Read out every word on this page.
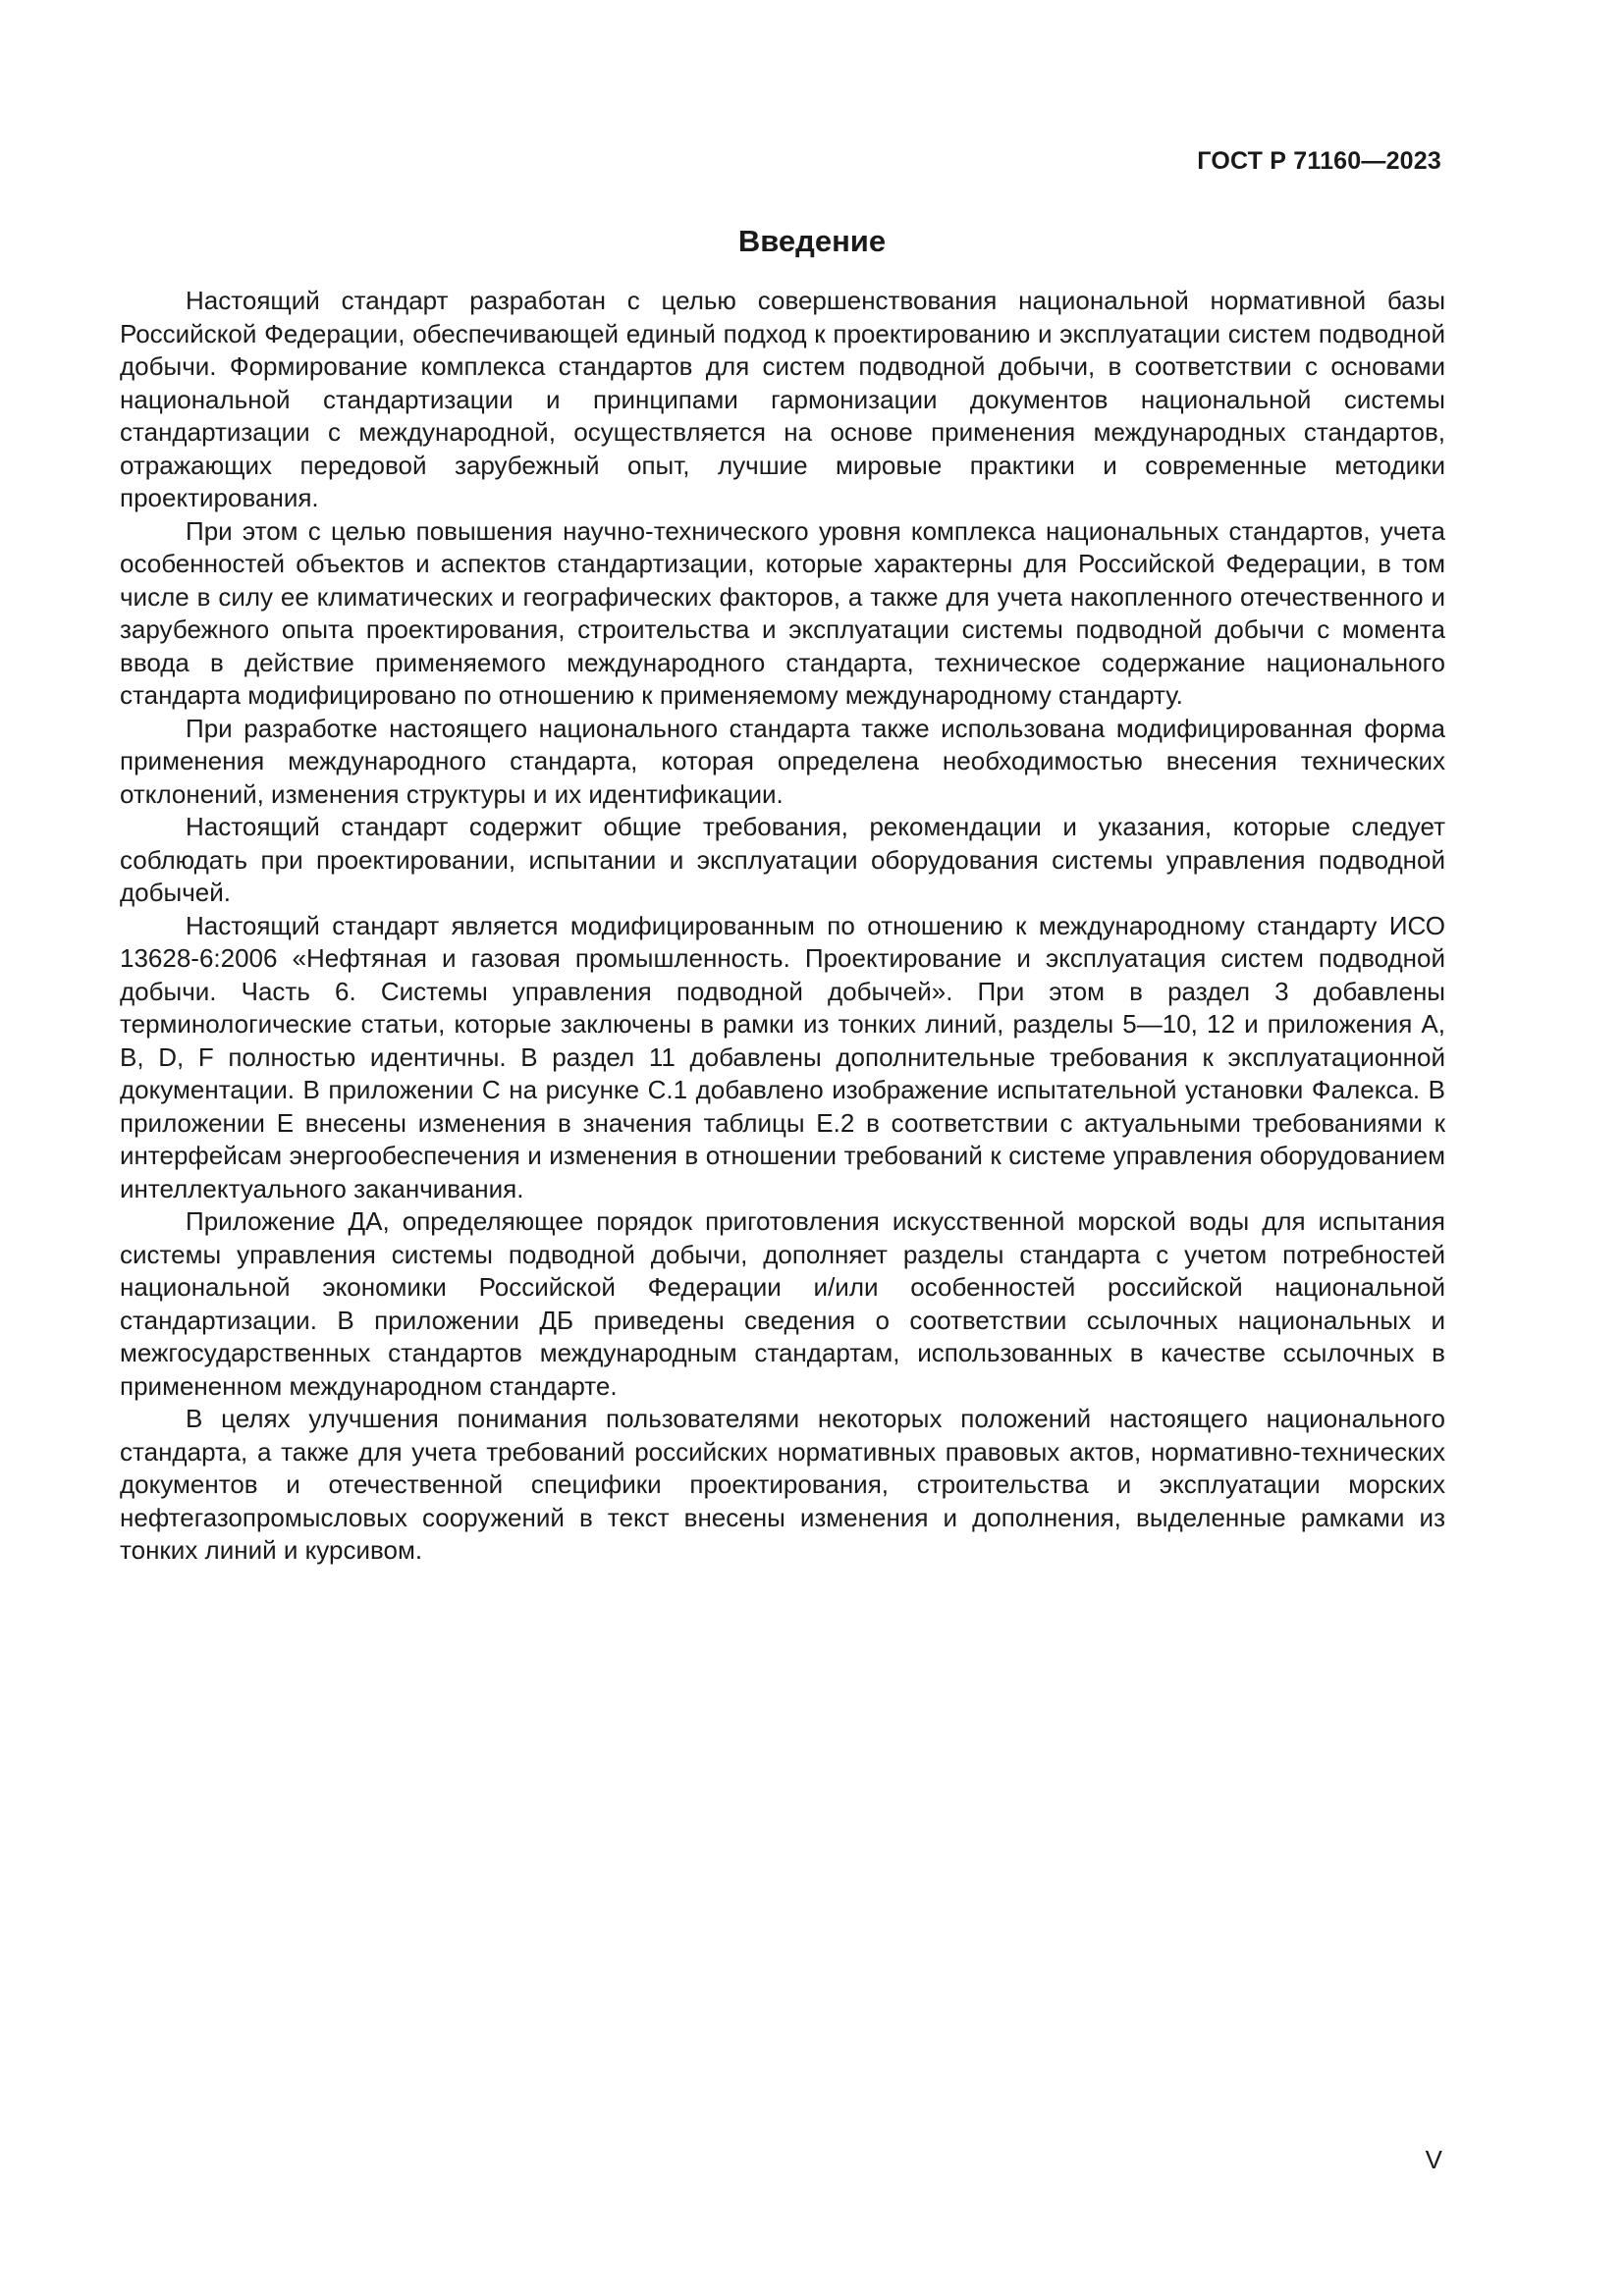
ГОСТ Р 71160—2023
Введение

Настоящий стандарт разработан с целью совершенствования национальной нормативной базы Российской Федерации, обеспечивающей единый подход к проектированию и эксплуатации систем подводной добычи. Формирование комплекса стандартов для систем подводной добычи, в соответствии с основами национальной стандартизации и принципами гармонизации документов национальной системы стандартизации с международной, осуществляется на основе применения международных стандартов, отражающих передовой зарубежный опыт, лучшие мировые практики и современные методики проектирования.

При этом с целью повышения научно-технического уровня комплекса национальных стандартов, учета особенностей объектов и аспектов стандартизации, которые характерны для Российской Федерации, в том числе в силу ее климатических и географических факторов, а также для учета накопленного отечественного и зарубежного опыта проектирования, строительства и эксплуатации системы подводной добычи с момента ввода в действие применяемого международного стандарта, техническое содержание национального стандарта модифицировано по отношению к применяемому международному стандарту.

При разработке настоящего национального стандарта также использована модифицированная форма применения международного стандарта, которая определена необходимостью внесения технических отклонений, изменения структуры и их идентификации.

Настоящий стандарт содержит общие требования, рекомендации и указания, которые следует соблюдать при проектировании, испытании и эксплуатации оборудования системы управления подводной добычей.

Настоящий стандарт является модифицированным по отношению к международному стандарту ИСО 13628-6:2006 «Нефтяная и газовая промышленность. Проектирование и эксплуатация систем подводной добычи. Часть 6. Системы управления подводной добычей». При этом в раздел 3 добавлены терминологические статьи, которые заключены в рамки из тонких линий, разделы 5—10, 12 и приложения А, В, D, F полностью идентичны. В раздел 11 добавлены дополнительные требования к эксплуатационной документации. В приложении С на рисунке С.1 добавлено изображение испытательной установки Фалекса. В приложении Е внесены изменения в значения таблицы Е.2 в соответствии с актуальными требованиями к интерфейсам энергообеспечения и изменения в отношении требований к системе управления оборудованием интеллектуального заканчивания.

Приложение ДА, определяющее порядок приготовления искусственной морской воды для испытания системы управления системы подводной добычи, дополняет разделы стандарта с учетом потребностей национальной экономики Российской Федерации и/или особенностей российской национальной стандартизации. В приложении ДБ приведены сведения о соответствии ссылочных национальных и межгосударственных стандартов международным стандартам, использованных в качестве ссылочных в примененном международном стандарте.

В целях улучшения понимания пользователями некоторых положений настоящего национального стандарта, а также для учета требований российских нормативных правовых актов, нормативно-технических документов и отечественной специфики проектирования, строительства и эксплуатации морских нефтегазопромысловых сооружений в текст внесены изменения и дополнения, выделенные рамками из тонких линий и курсивом.

V
